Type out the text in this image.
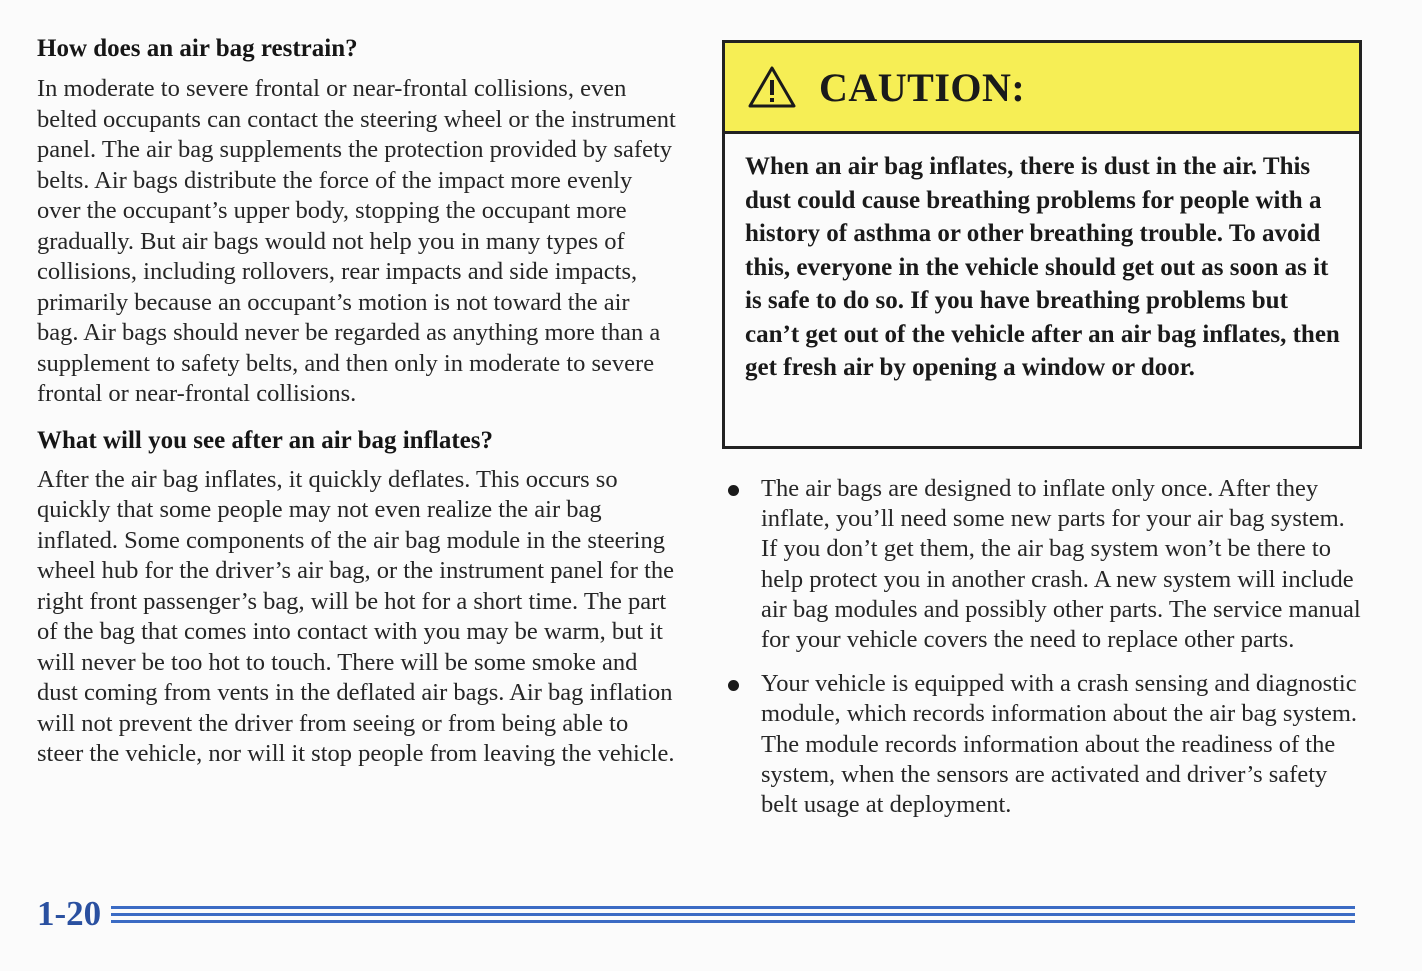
How does an air bag restrain?

In moderate to severe frontal or near-frontal collisions, even belted occupants can contact the steering wheel or the instrument panel. The air bag supplements the protection provided by safety belts. Air bags distribute the force of the impact more evenly over the occupant’s upper body, stopping the occupant more gradually. But air bags would not help you in many types of collisions, including rollovers, rear impacts and side impacts, primarily because an occupant’s motion is not toward the air bag. Air bags should never be regarded as anything more than a supplement to safety belts, and then only in moderate to severe frontal or near-frontal collisions.

What will you see after an air bag inflates?

After the air bag inflates, it quickly deflates. This occurs so quickly that some people may not even realize the air bag inflated. Some components of the air bag module in the steering wheel hub for the driver’s air bag, or the instrument panel for the right front passenger’s bag, will be hot for a short time. The part of the bag that comes into contact with you may be warm, but it will never be too hot to touch. There will be some smoke and dust coming from vents in the deflated air bags. Air bag inflation will not prevent the driver from seeing or from being able to steer the vehicle, nor will it stop people from leaving the vehicle.

CAUTION:
When an air bag inflates, there is dust in the air. This dust could cause breathing problems for people with a history of asthma or other breathing trouble. To avoid this, everyone in the vehicle should get out as soon as it is safe to do so. If you have breathing problems but can’t get out of the vehicle after an air bag inflates, then get fresh air by opening a window or door.
The air bags are designed to inflate only once. After they inflate, you’ll need some new parts for your air bag system. If you don’t get them, the air bag system won’t be there to help protect you in another crash. A new system will include air bag modules and possibly other parts. The service manual for your vehicle covers the need to replace other parts.
Your vehicle is equipped with a crash sensing and diagnostic module, which records information about the air bag system. The module records information about the readiness of the system, when the sensors are activated and driver’s safety belt usage at deployment.
1-20
